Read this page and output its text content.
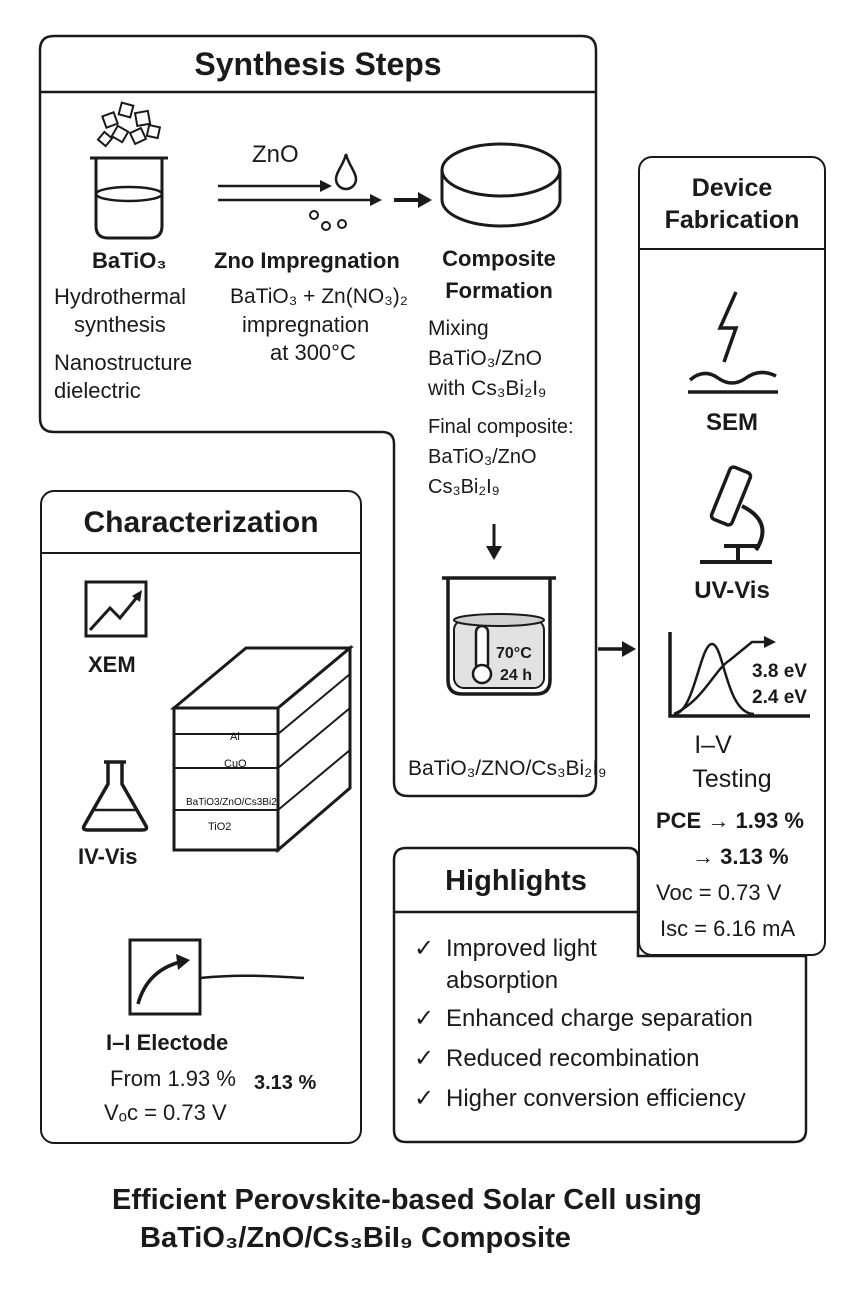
Synthesis Steps
BaTiO₃
Hydrothermal
synthesis
Nanostructure
dielectric
ZnO
Zno Impregnation
BaTiO₃ + Zn(NO₃)₂
impregnation
at 300°C
Composite
Formation
Mixing
BaTiO₃/ZnO
with Cs₃Bi₂I₉
Final composite:
BaTiO₃/ZnO
Cs₃Bi₂I₉
70°C
24 h
BaTiO₃/ZNO/Cs₃Bi₂I₉
Device
Fabrication
SEM
UV-Vis
3.8 eV
2.4 eV
I–V
Testing
PCE → 1.93 %
→ 3.13 %
Voc = 0.73 V
Isc = 6.16 mA
Characterization
XEM
IV-Vis
Al
CuO
BaTiO3/ZnO/Cs3Bi2
TiO2
I–I Electode
From 1.93 % 3.13 %
Vₒc = 0.73 V
Highlights
✓ Improved light
absorption
✓ Enhanced charge separation
✓ Reduced recombination
✓ Higher conversion efficiency
Efficient Perovskite-based Solar Cell using
BaTiO₃/ZnO/Cs₃BiI₉ Composite
